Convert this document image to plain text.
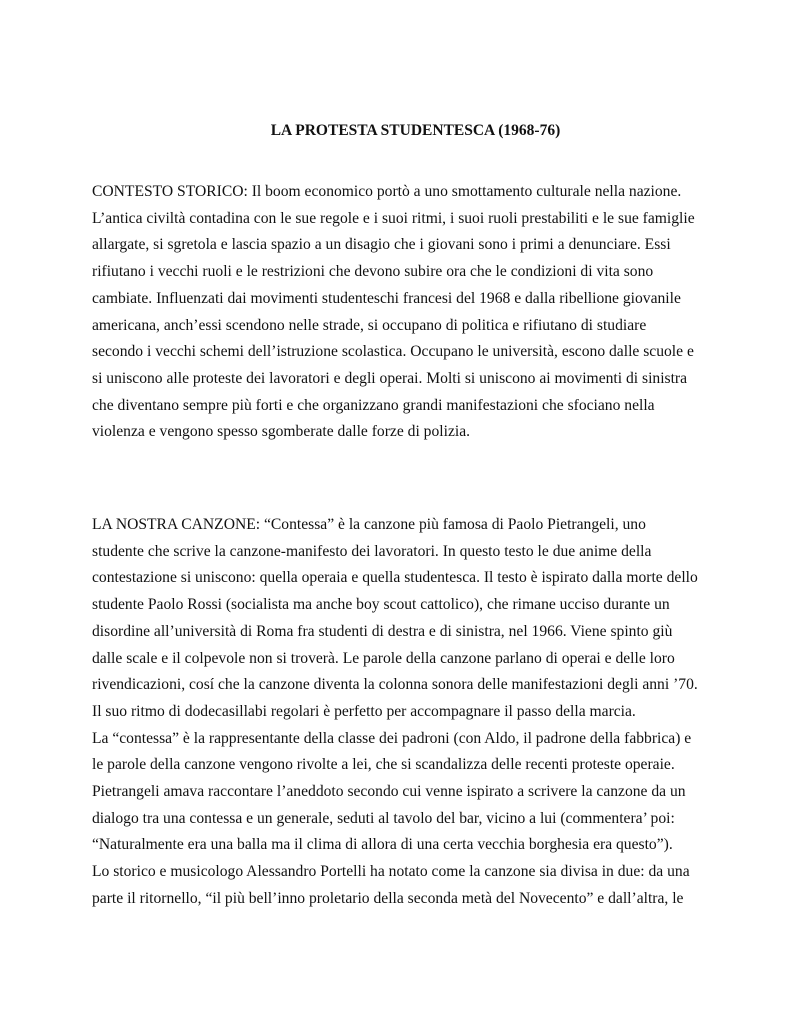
LA PROTESTA STUDENTESCA (1968-76)

CONTESTO STORICO: Il boom economico portò a uno smottamento culturale nella nazione.
L’antica civiltà contadina con le sue regole e i suoi ritmi, i suoi ruoli prestabiliti e le sue famiglie
allargate, si sgretola e lascia spazio a un disagio che i giovani sono i primi a denunciare. Essi
rifiutano i vecchi ruoli e le restrizioni che devono subire ora che le condizioni di vita sono
cambiate. Influenzati dai movimenti studenteschi francesi del 1968 e dalla ribellione giovanile
americana, anch’essi scendono nelle strade, si occupano di politica e rifiutano di studiare
secondo i vecchi schemi dell’istruzione scolastica. Occupano le università, escono dalle scuole e
si uniscono alle proteste dei lavoratori e degli operai. Molti si uniscono ai movimenti di sinistra
che diventano sempre più forti e che organizzano grandi manifestazioni che sfociano nella
violenza e vengono spesso sgomberate dalle forze di polizia.

LA NOSTRA CANZONE: “Contessa” è la canzone più famosa di Paolo Pietrangeli, uno
studente che scrive la canzone-manifesto dei lavoratori. In questo testo le due anime della
contestazione si uniscono: quella operaia e quella studentesca. Il testo è ispirato dalla morte dello
studente Paolo Rossi (socialista ma anche boy scout cattolico), che rimane ucciso durante un
disordine all’università di Roma fra studenti di destra e di sinistra, nel 1966. Viene spinto giù
dalle scale e il colpevole non si troverà. Le parole della canzone parlano di operai e delle loro
rivendicazioni, cosí che la canzone diventa la colonna sonora delle manifestazioni degli anni ’70.
Il suo ritmo di dodecasillabi regolari è perfetto per accompagnare il passo della marcia.
La “contessa” è la rappresentante della classe dei padroni (con Aldo, il padrone della fabbrica) e
le parole della canzone vengono rivolte a lei, che si scandalizza delle recenti proteste operaie.
Pietrangeli amava raccontare l’aneddoto secondo cui venne ispirato a scrivere la canzone da un
dialogo tra una contessa e un generale, seduti al tavolo del bar, vicino a lui (commentera’ poi:
“Naturalmente era una balla ma il clima di allora di una certa vecchia borghesia era questo”).
Lo storico e musicologo Alessandro Portelli ha notato come la canzone sia divisa in due: da una
parte il ritornello, “il più bell’inno proletario della seconda metà del Novecento” e dall’altra, le
